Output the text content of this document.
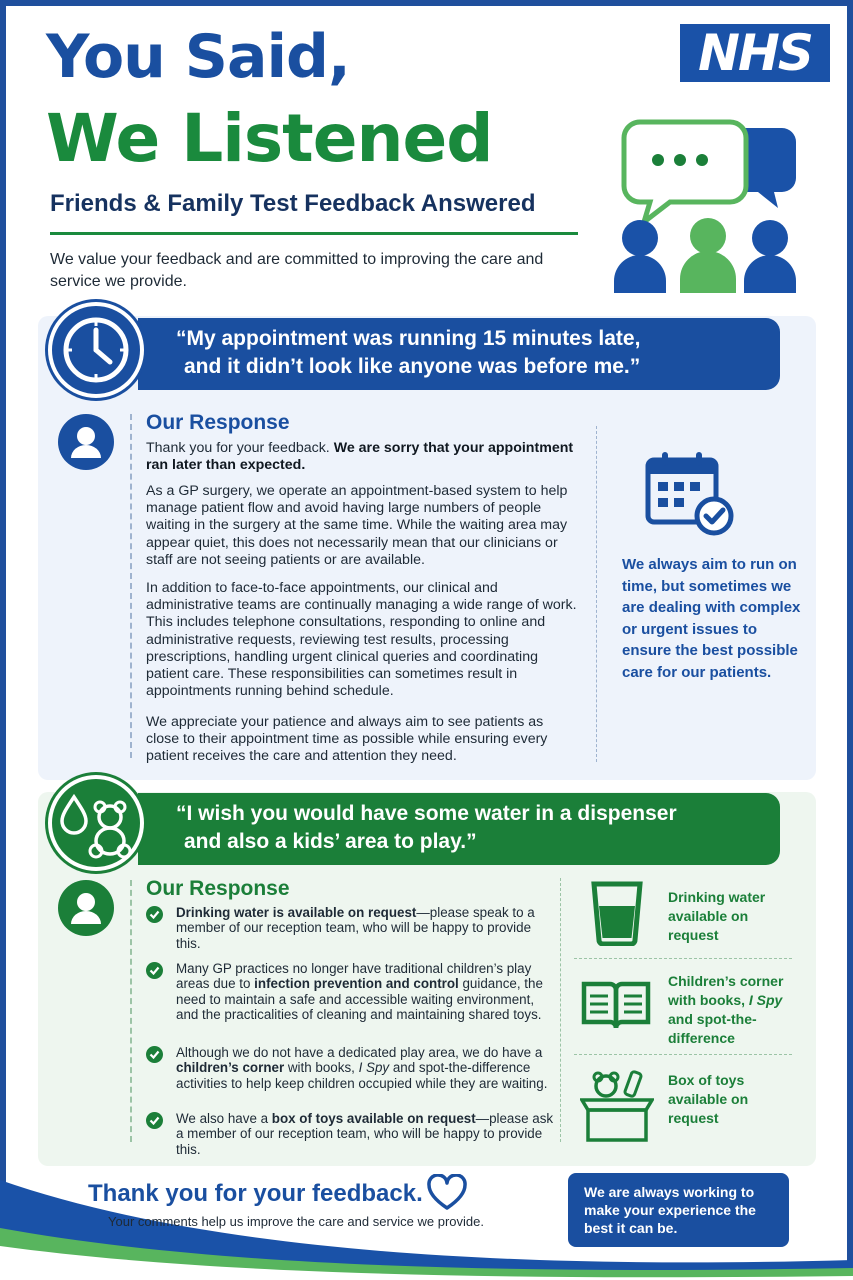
You Said,
We Listened
Friends & Family Test Feedback Answered
We value your feedback and are committed to improving the care and service we provide.
NHS
“My appointment was running 15 minutes late,
and it didn’t look like anyone was before me.”
Our Response
Thank you for your feedback. We are sorry that your appointment ran later than expected.
As a GP surgery, we operate an appointment-based system to help manage patient flow and avoid having large numbers of people waiting in the surgery at the same time. While the waiting area may appear quiet, this does not necessarily mean that our clinicians or staff are not seeing patients or are available.
In addition to face-to-face appointments, our clinical and administrative teams are continually managing a wide range of work. This includes telephone consultations, responding to online and administrative requests, reviewing test results, processing prescriptions, handling urgent clinical queries and coordinating patient care. These responsibilities can sometimes result in appointments running behind schedule.
We appreciate your patience and always aim to see patients as close to their appointment time as possible while ensuring every patient receives the care and attention they need.
We always aim to run on time, but sometimes we are dealing with complex or urgent issues to ensure the best possible care for our patients.
“I wish you would have some water in a dispenser
and also a kids’ area to play.”
Our Response
Drinking water is available on request—please speak to a member of our reception team, who will be happy to provide this.
Many GP practices no longer have traditional children’s play areas due to infection prevention and control guidance, the need to maintain a safe and accessible waiting environment, and the practicalities of cleaning and maintaining shared toys.
Although we do not have a dedicated play area, we do have a children’s corner with books, I Spy and spot-the-difference activities to help keep children occupied while they are waiting.
We also have a box of toys available on request—please ask a member of our reception team, who will be happy to provide this.
Drinking water available on request
Children’s corner with books, I Spy and spot-the-difference
Box of toys available on request
Thank you for your feedback.
Your comments help us improve the care and service we provide.
We are always working to make your experience the best it can be.
